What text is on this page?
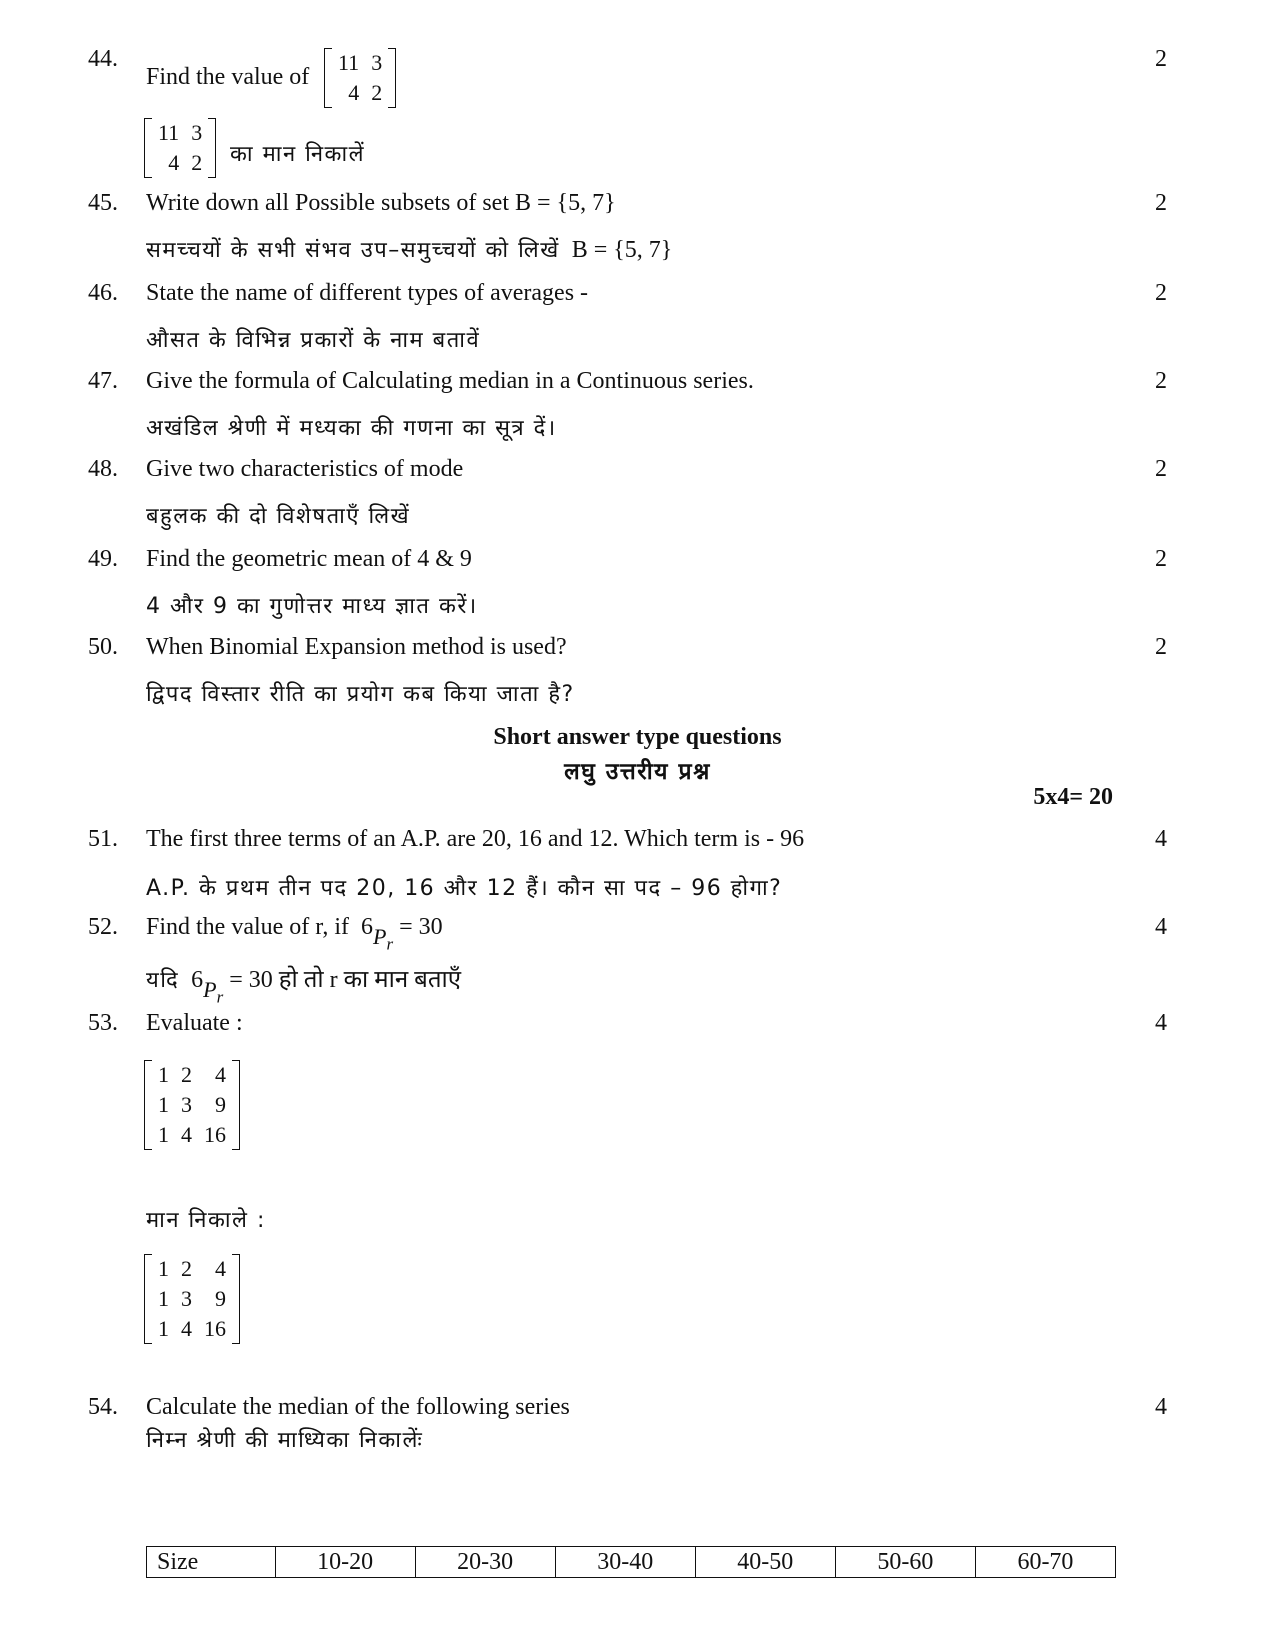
44.
Find the value of
11	3
4	2
2
11	3
4	2 का मान निकालें
45. Write down all Possible subsets of set B = {5, 7}	2
समच्चयों के सभी संभव उप–समुच्चयों को लिखें B = {5, 7}
46. State the name of different types of averages -	2
औसत के विभिन्न प्रकारों के नाम बतावें
47. Give the formula of Calculating median in a Continuous series.	2
अखंडिल श्रेणी में मध्यका की गणना का सूत्र दें।
48. Give two characteristics of mode	2
बहुलक की दो विशेषताएँ लिखें
49. Find the geometric mean of 4 & 9	2
4 और 9 का गुणोत्तर माध्य ज्ञात करें।
50. When Binomial Expansion method is used?	2
द्विपद विस्तार रीति का प्रयोग कब किया जाता है?
Short answer type questions
लघु उत्तरीय प्रश्न
5x4= 20
51. The first three terms of an A.P. are 20, 16 and 12. Which term is - 96	4
A.P. के प्रथम तीन पद 20, 16 और 12 हैं। कौन सा पद – 96 होगा?
52. Find the value of r, if $6P_r = 30$	4
यदि $6P_r = 30$ हो तो r का मान बताएँ
53. Evaluate :	4
1	2	4
1	3	9
1	4	16
मान निकाले :
1	2	4
1	3	9
1	4	16
54. Calculate the median of the following series	4
निम्न श्रेणी की माध्यिका निकालेंः
Size	10-20	20-30	30-40	40-50	50-60	60-70
